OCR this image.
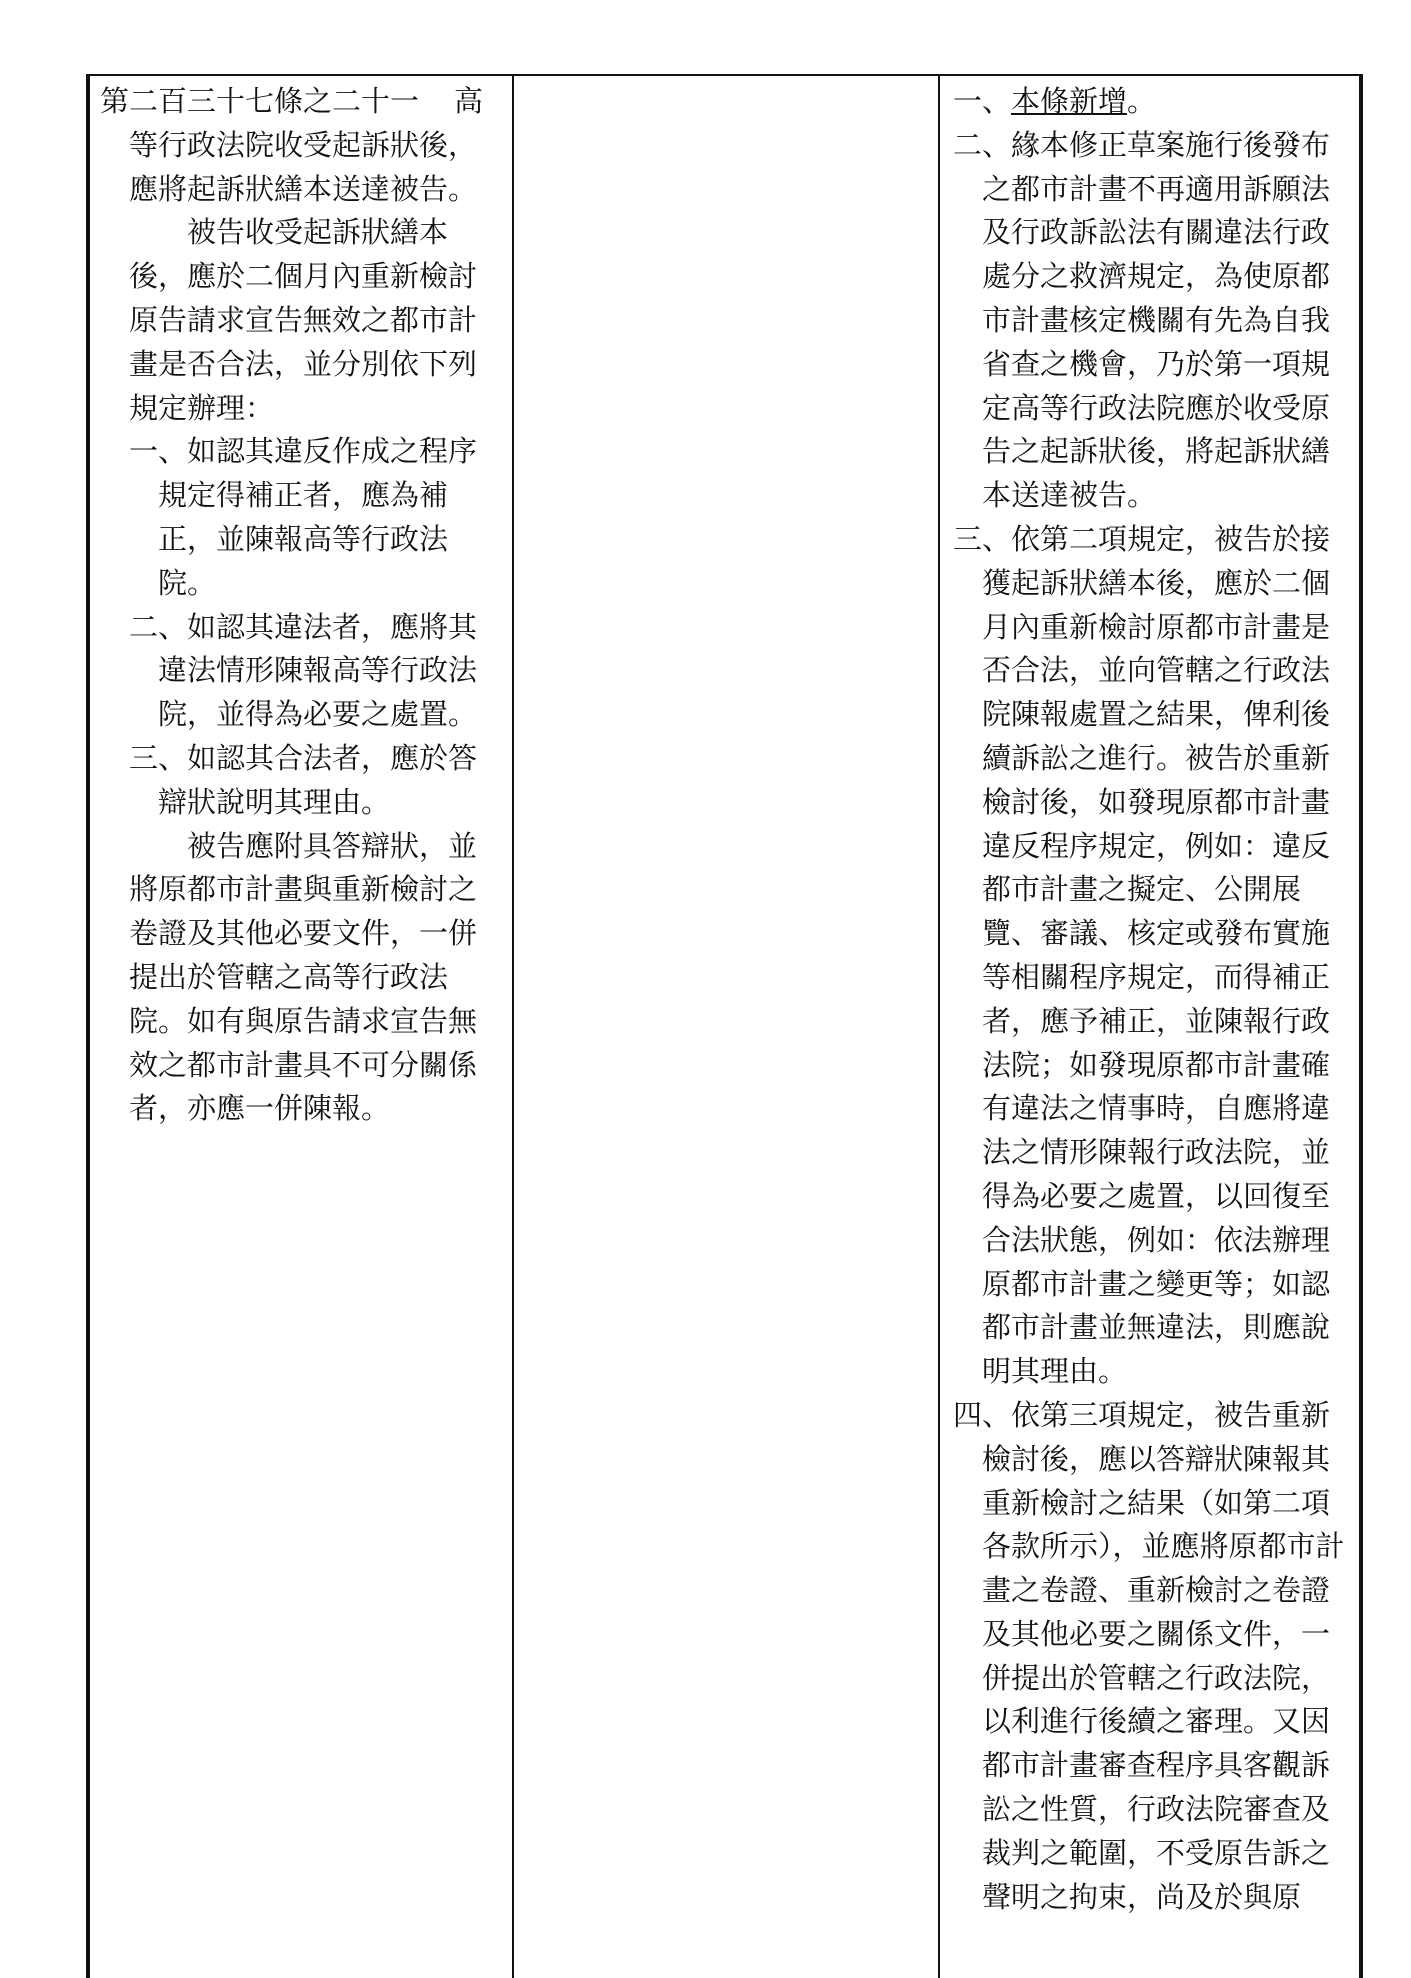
第二百三十七條之二十一 高等行政法院收受起訴狀後，應將起訴狀繕本送達被告。

被告收受起訴狀繕本後，應於二個月內重新檢討原告請求宣告無效之都市計畫是否合法，並分別依下列規定辦理：

一、如認其違反作成之程序規定得補正者，應為補正，並陳報高等行政法院。

二、如認其違法者，應將其違法情形陳報高等行政法院，並得為必要之處置。

三、如認其合法者，應於答辯狀說明其理由。

被告應附具答辯狀，並將原都市計畫與重新檢討之卷證及其他必要文件，一併提出於管轄之高等行政法院。如有與原告請求宣告無效之都市計畫具不可分關係者，亦應一併陳報。

一、本條新增。

二、緣本修正草案施行後發布之都市計畫不再適用訴願法及行政訴訟法有關違法行政處分之救濟規定，為使原都市計畫核定機關有先為自我省查之機會，乃於第一項規定高等行政法院應於收受原告之起訴狀後，將起訴狀繕本送達被告。

三、依第二項規定，被告於接獲起訴狀繕本後，應於二個月內重新檢討原都市計畫是否合法，並向管轄之行政法院陳報處置之結果，俾利後續訴訟之進行。被告於重新檢討後，如發現原都市計畫違反程序規定，例如：違反都市計畫之擬定、公開展覽、審議、核定或發布實施等相關程序規定，而得補正者，應予補正，並陳報行政法院；如發現原都市計畫確有違法之情事時，自應將違法之情形陳報行政法院，並得為必要之處置，以回復至合法狀態，例如：依法辦理原都市計畫之變更等；如認都市計畫並無違法，則應說明其理由。

四、依第三項規定，被告重新檢討後，應以答辯狀陳報其重新檢討之結果（如第二項各款所示），並應將原都市計畫之卷證、重新檢討之卷證及其他必要之關係文件，一併提出於管轄之行政法院，以利進行後續之審理。又因都市計畫審查程序具客觀訴訟之性質，行政法院審查及裁判之範圍，不受原告訴之聲明之拘束，尚及於與原
